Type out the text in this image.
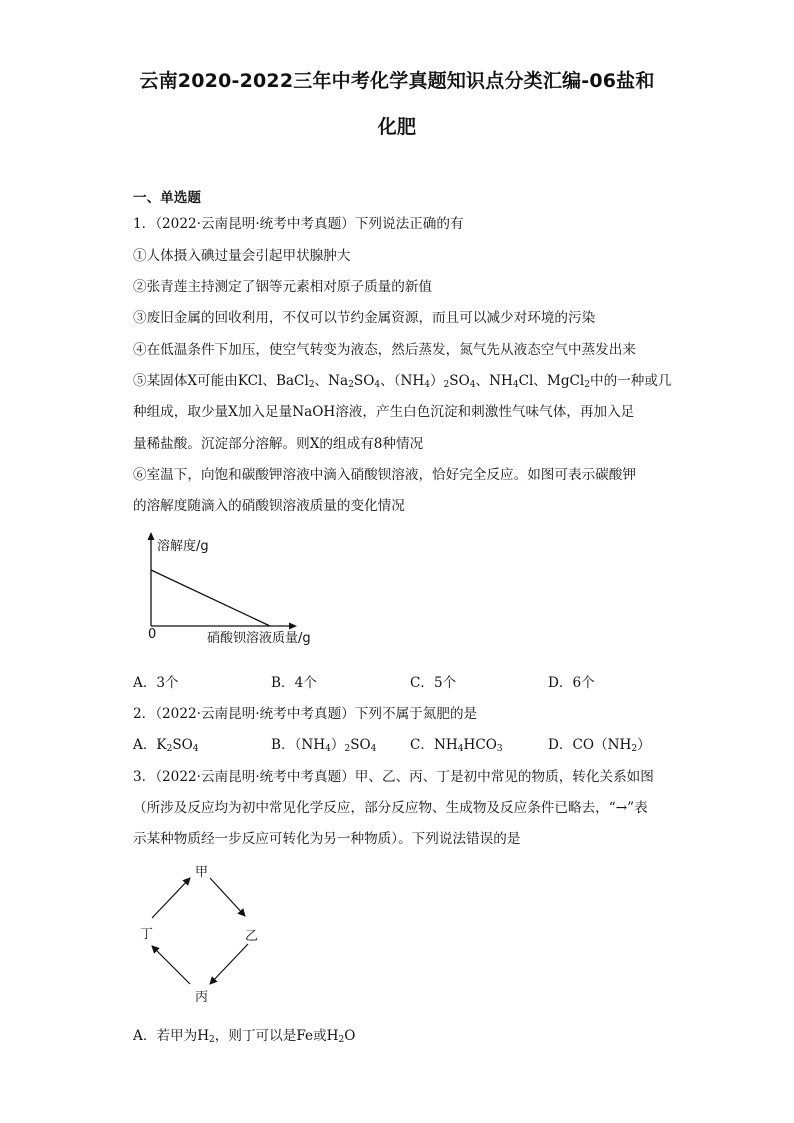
云南2020-2022三年中考化学真题知识点分类汇编-06盐和
化肥
一、单选题
1．（2022·云南昆明·统考中考真题）下列说法正确的有
①人体摄入碘过量会引起甲状腺肿大
②张青莲主持测定了铟等元素相对原子质量的新值
③废旧金属的回收利用，不仅可以节约金属资源，而且可以减少对环境的污染
④在低温条件下加压，使空气转变为液态，然后蒸发，氮气先从液态空气中蒸发出来
⑤某固体X可能由KCl、BaCl$_2$、$Na_2SO_4$、$(NH_4)_2SO_4$、$NH_4Cl$、MgCl$_2$中的一种或几
种组成，取少量X加入足量NaOH溶液，产生白色沉淀和刺激性气味气体，再加入足
量稀盐酸。沉淀部分溶解。则X的组成有8种情况
⑥室温下，向饱和碳酸钾溶液中滴入硝酸钡溶液，恰好完全反应。如图可表示碳酸钾
的溶解度随滴入的硝酸钡溶液质量的变化情况
溶解度/g
0	硝酸钡溶液质量/g
A．3个	B．4个	C．5个	D．6个
2．（2022·云南昆明·统考中考真题）下列不属于氮肥的是
A．$K_2SO_4$	B．$(NH_4)_2SO_4$ C．$NH_4HCO_3$	D．$CO(NH_2)$
3．（2022·云南昆明·统考中考真题）甲、乙、丙、丁是初中常见的物质，转化关系如图
（所涉及反应均为初中常见化学反应，部分反应物、生成物及反应条件已略去，“→”表
示某种物质经一步反应可转化为另一种物质）。下列说法错误的是
甲
乙
丙
丁
A．若甲为$H_2$，则丁可以是Fe或$H_2O$
